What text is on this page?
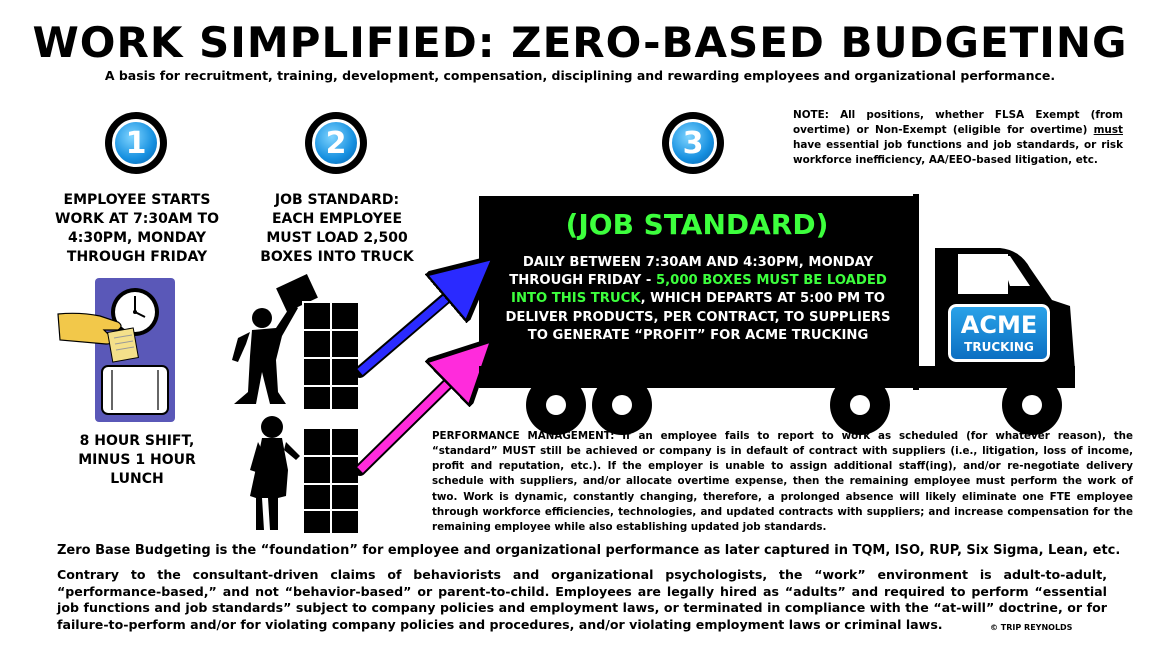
WORK SIMPLIFIED: ZERO-BASED BUDGETING
A basis for recruitment, training, development, compensation, disciplining and rewarding employees and organizational performance.
NOTE: All positions, whether FLSA Exempt (from overtime) or Non-Exempt (eligible for overtime) must have essential job functions and job standards, or risk workforce inefficiency, AA/EEO-based litigation, etc.
1	2	3
EMPLOYEE STARTS WORK AT 7:30AM TO 4:30PM, MONDAY THROUGH FRIDAY
JOB STANDARD: EACH EMPLOYEE MUST LOAD 2,500 BOXES INTO TRUCK
8 HOUR SHIFT, MINUS 1 HOUR LUNCH
(JOB STANDARD)
DAILY BETWEEN 7:30AM AND 4:30PM, MONDAY THROUGH FRIDAY - 5,000 BOXES MUST BE LOADED INTO THIS TRUCK, WHICH DEPARTS AT 5:00 PM TO DELIVER PRODUCTS, PER CONTRACT, TO SUPPLIERS TO GENERATE “PROFIT” FOR ACME TRUCKING	ACME
TRUCKING
PERFORMANCE MANAGEMENT: If an employee fails to report to work as scheduled (for whatever reason), the “standard” MUST still be achieved or company is in default of contract with suppliers (i.e., litigation, loss of income, profit and reputation, etc.). If the employer is unable to assign additional staff(ing), and/or re-negotiate delivery schedule with suppliers, and/or allocate overtime expense, then the remaining employee must perform the work of two. Work is dynamic, constantly changing, therefore, a prolonged absence will likely eliminate one FTE employee through workforce efficiencies, technologies, and updated contracts with suppliers; and increase compensation for the remaining employee while also establishing updated job standards.
Zero Base Budgeting is the “foundation” for employee and organizational performance as later captured in TQM, ISO, RUP, Six Sigma, Lean, etc.
Contrary to the consultant-driven claims of behaviorists and organizational psychologists, the “work” environment is adult-to-adult, “performance-based,” and not “behavior-based” or parent-to-child. Employees are legally hired as “adults” and required to perform “essential job functions and job standards” subject to company policies and employment laws, or terminated in compliance with the “at-will” doctrine, or for failure-to-perform and/or for violating company policies and procedures, and/or violating employment laws or criminal laws.	© TRIP REYNOLDS
